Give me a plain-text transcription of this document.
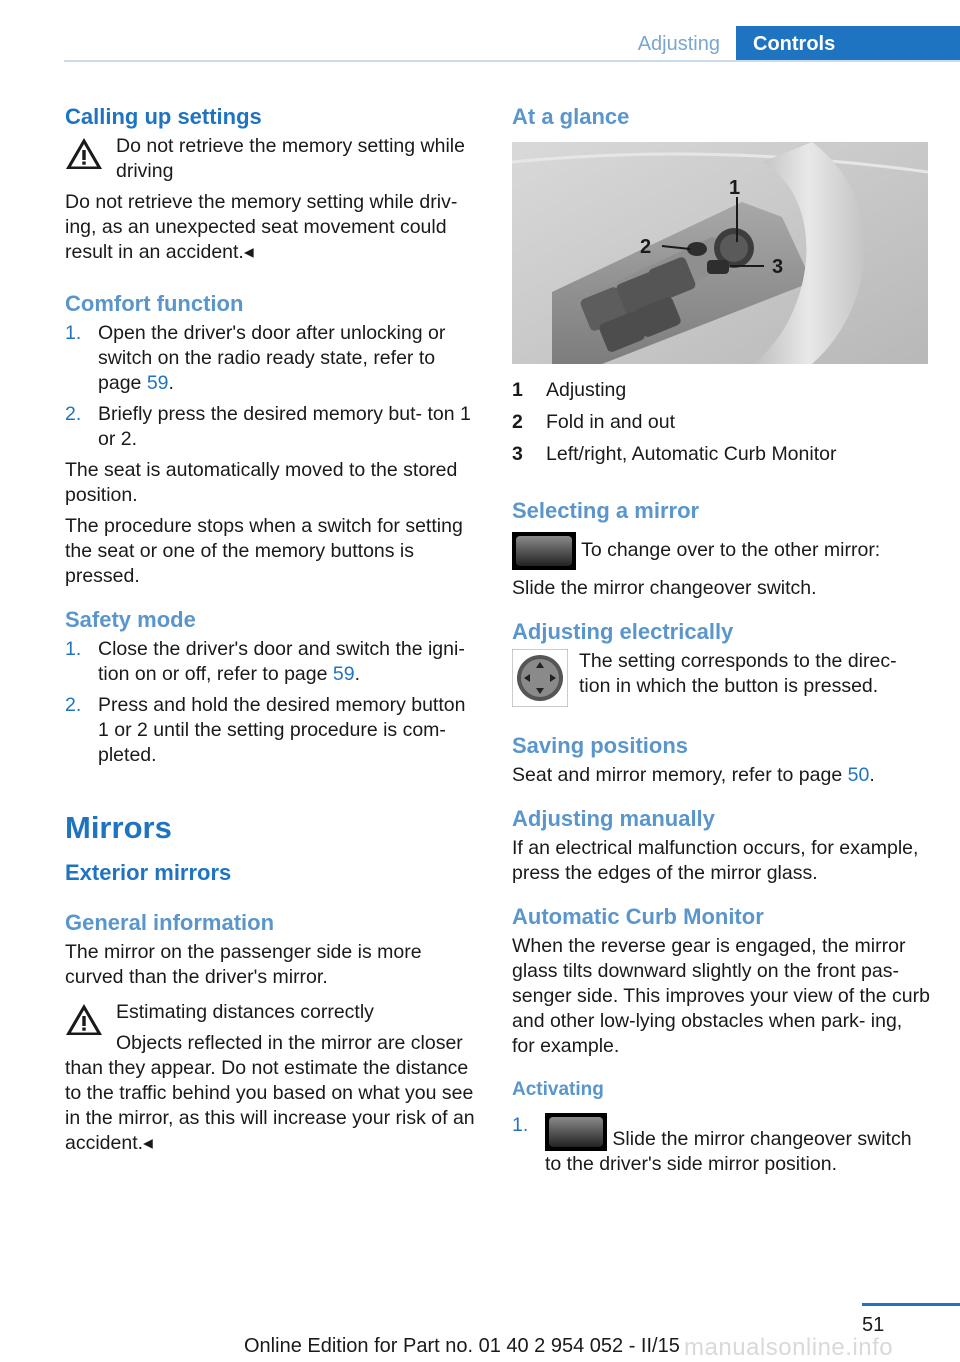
Adjusting	Controls

Calling up settings

Do not retrieve the memory setting while driving

Do not retrieve the memory setting while driv- ing, as an unexpected seat movement could result in an accident.◂

Comfort function

1. Open the driver's door after unlocking or switch on the radio ready state, refer to page 59.

2. Briefly press the desired memory but- ton 1 or 2.

The seat is automatically moved to the stored position.

The procedure stops when a switch for setting the seat or one of the memory buttons is pressed.

Safety mode

1. Close the driver's door and switch the igni- tion on or off, refer to page 59.

2. Press and hold the desired memory button 1 or 2 until the setting procedure is com- pleted.

Mirrors

Exterior mirrors

General information

The mirror on the passenger side is more curved than the driver's mirror.

Estimating distances correctly

Objects reflected in the mirror are closer than they appear. Do not estimate the distance to the traffic behind you based on what you see in the mirror, as this will increase your risk of an accident.◂

At a glance

1
2
3
1 Adjusting
2 Fold in and out
3 Left/right, Automatic Curb Monitor

Selecting a mirror

To change over to the other mirror:

Slide the mirror changeover switch.

Adjusting electrically

The setting corresponds to the direc- tion in which the button is pressed.

Saving positions

Seat and mirror memory, refer to page 50.

Adjusting manually

If an electrical malfunction occurs, for example, press the edges of the mirror glass.

Automatic Curb Monitor

When the reverse gear is engaged, the mirror glass tilts downward slightly on the front pas- senger side. This improves your view of the curb and other low-lying obstacles when park- ing, for example.

Activating

1.

Slide the mirror changeover switch to the driver's side mirror position.

51
Online Edition for Part no. 01 40 2 954 052 - II/15 manualsonline.info
